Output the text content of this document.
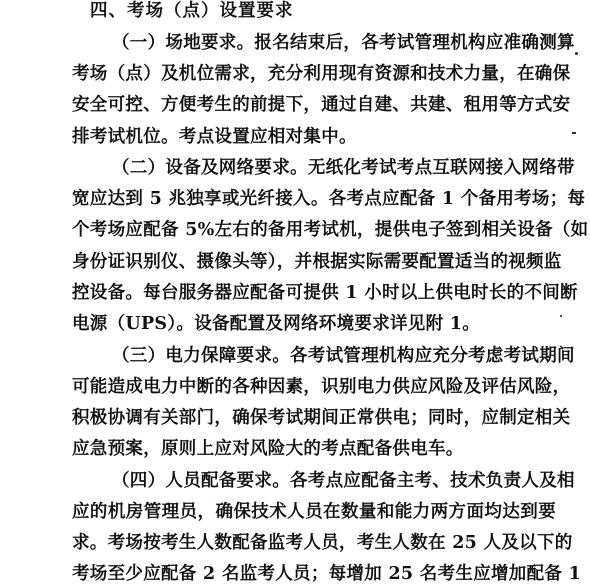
四、考场（点）设置要求
（一）场地要求。报名结束后，各考试管理机构应准确测算
考场（点）及机位需求，充分利用现有资源和技术力量，在确保
安全可控、方便考生的前提下，通过自建、共建、租用等方式安
排考试机位。考点设置应相对集中。
（二）设备及网络要求。无纸化考试考点互联网接入网络带
宽应达到 5 兆独享或光纤接入。各考点应配备 1 个备用考场；每
个考场应配备 5%左右的备用考试机，提供电子签到相关设备（如
身份证识别仪、摄像头等），并根据实际需要配置适当的视频监
控设备。每台服务器应配备可提供 1 小时以上供电时长的不间断
电源（UPS）。设备配置及网络环境要求详见附 1。
（三）电力保障要求。各考试管理机构应充分考虑考试期间
可能造成电力中断的各种因素，识别电力供应风险及评估风险，
积极协调有关部门，确保考试期间正常供电；同时，应制定相关
应急预案，原则上应对风险大的考点配备供电车。
（四）人员配备要求。各考点应配备主考、技术负责人及相
应的机房管理员，确保技术人员在数量和能力两方面均达到要
求。考场按考生人数配备监考人员，考生人数在 25 人及以下的
考场至少应配备 2 名监考人员；每增加 25 名考生应增加配备 1
